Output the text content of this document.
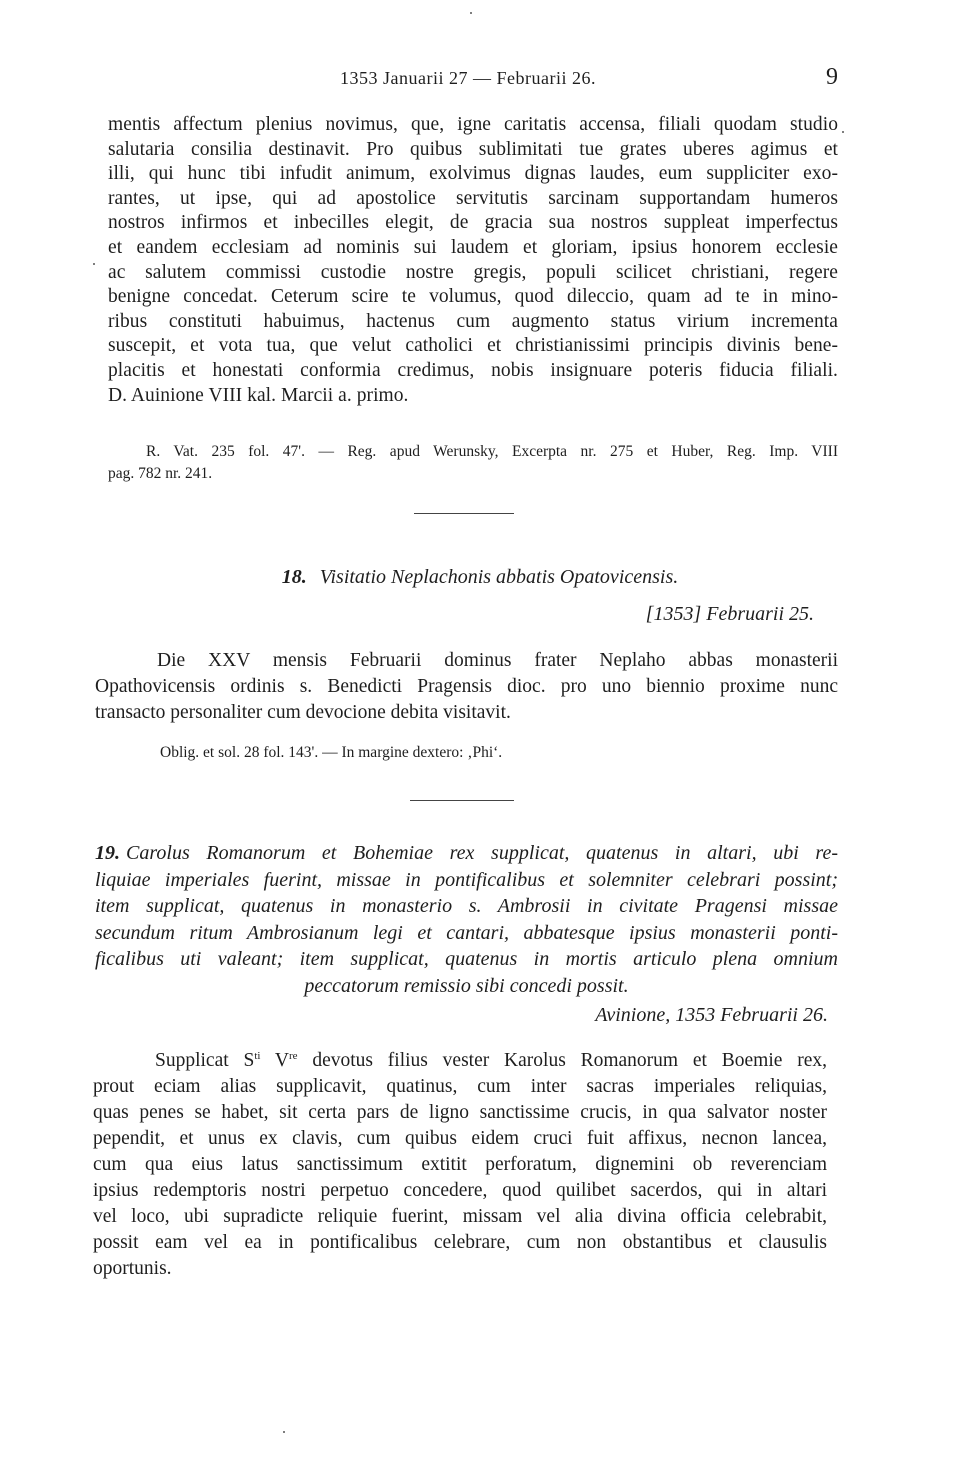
1353 Januarii 27 — Februarii 26.	9
mentis affectum plenius novimus, que, igne caritatis accensa, filiali quodam studio
salutaria consilia destinavit. Pro quibus sublimitati tue grates uberes agimus et
illi, qui hunc tibi infudit animum, exolvimus dignas laudes, eum suppliciter exo-
rantes, ut ipse, qui ad apostolice servitutis sarcinam supportandam humeros
nostros infirmos et inbecilles elegit, de gracia sua nostros suppleat imperfectus
et eandem ecclesiam ad nominis sui laudem et gloriam, ipsius honorem ecclesie
ac salutem commissi custodie nostre gregis, populi scilicet christiani, regere
benigne concedat. Ceterum scire te volumus, quod dileccio, quam ad te in mino-
ribus constituti habuimus, hactenus cum augmento status virium incrementa
suscepit, et vota tua, que velut catholici et christianissimi principis divinis bene-
placitis et honestati conformia credimus, nobis insignuare poteris fiducia filiali.
D. Auinione VIII kal. Marcii a. primo.
R. Vat. 235 fol. 47'. — Reg. apud Werunsky, Excerpta nr. 275 et Huber, Reg. Imp. VIII
pag. 782 nr. 241.
18. Visitatio Neplachonis abbatis Opatovicensis.
[1353] Februarii 25.
Die XXV mensis Februarii dominus frater Neplaho abbas monasterii
Opathovicensis ordinis s. Benedicti Pragensis dioc. pro uno biennio proxime nunc
transacto personaliter cum devocione debita visitavit.
Oblig. et sol. 28 fol. 143'. — In margine dextero: ‚Phi‘.
19. Carolus Romanorum et Bohemiae rex supplicat, quatenus in altari, ubi re-
liquiae imperiales fuerint, missae in pontificalibus et solemniter celebrari possint;
item supplicat, quatenus in monasterio s. Ambrosii in civitate Pragensi missae
secundum ritum Ambrosianum legi et cantari, abbatesque ipsius monasterii ponti-
ficalibus uti valeant; item supplicat, quatenus in mortis articulo plena omnium
peccatorum remissio sibi concedi possit.
Avinione, 1353 Februarii 26.
Supplicat $S^{ti}$ Vre devotus filius vester Karolus Romanorum et Boemie rex,
prout eciam alias supplicavit, quatinus, cum inter sacras imperiales reliquias,
quas penes se habet, sit certa pars de ligno sanctissime crucis, in qua salvator noster
pependit, et unus ex clavis, cum quibus eidem cruci fuit affixus, necnon lancea,
cum qua eius latus sanctissimum extitit perforatum, dignemini ob reverenciam
ipsius redemptoris nostri perpetuo concedere, quod quilibet sacerdos, qui in altari
vel loco, ubi supradicte reliquie fuerint, missam vel alia divina officia celebrabit,
possit eam vel ea in pontificalibus celebrare, cum non obstantibus et clausulis
oportunis.
